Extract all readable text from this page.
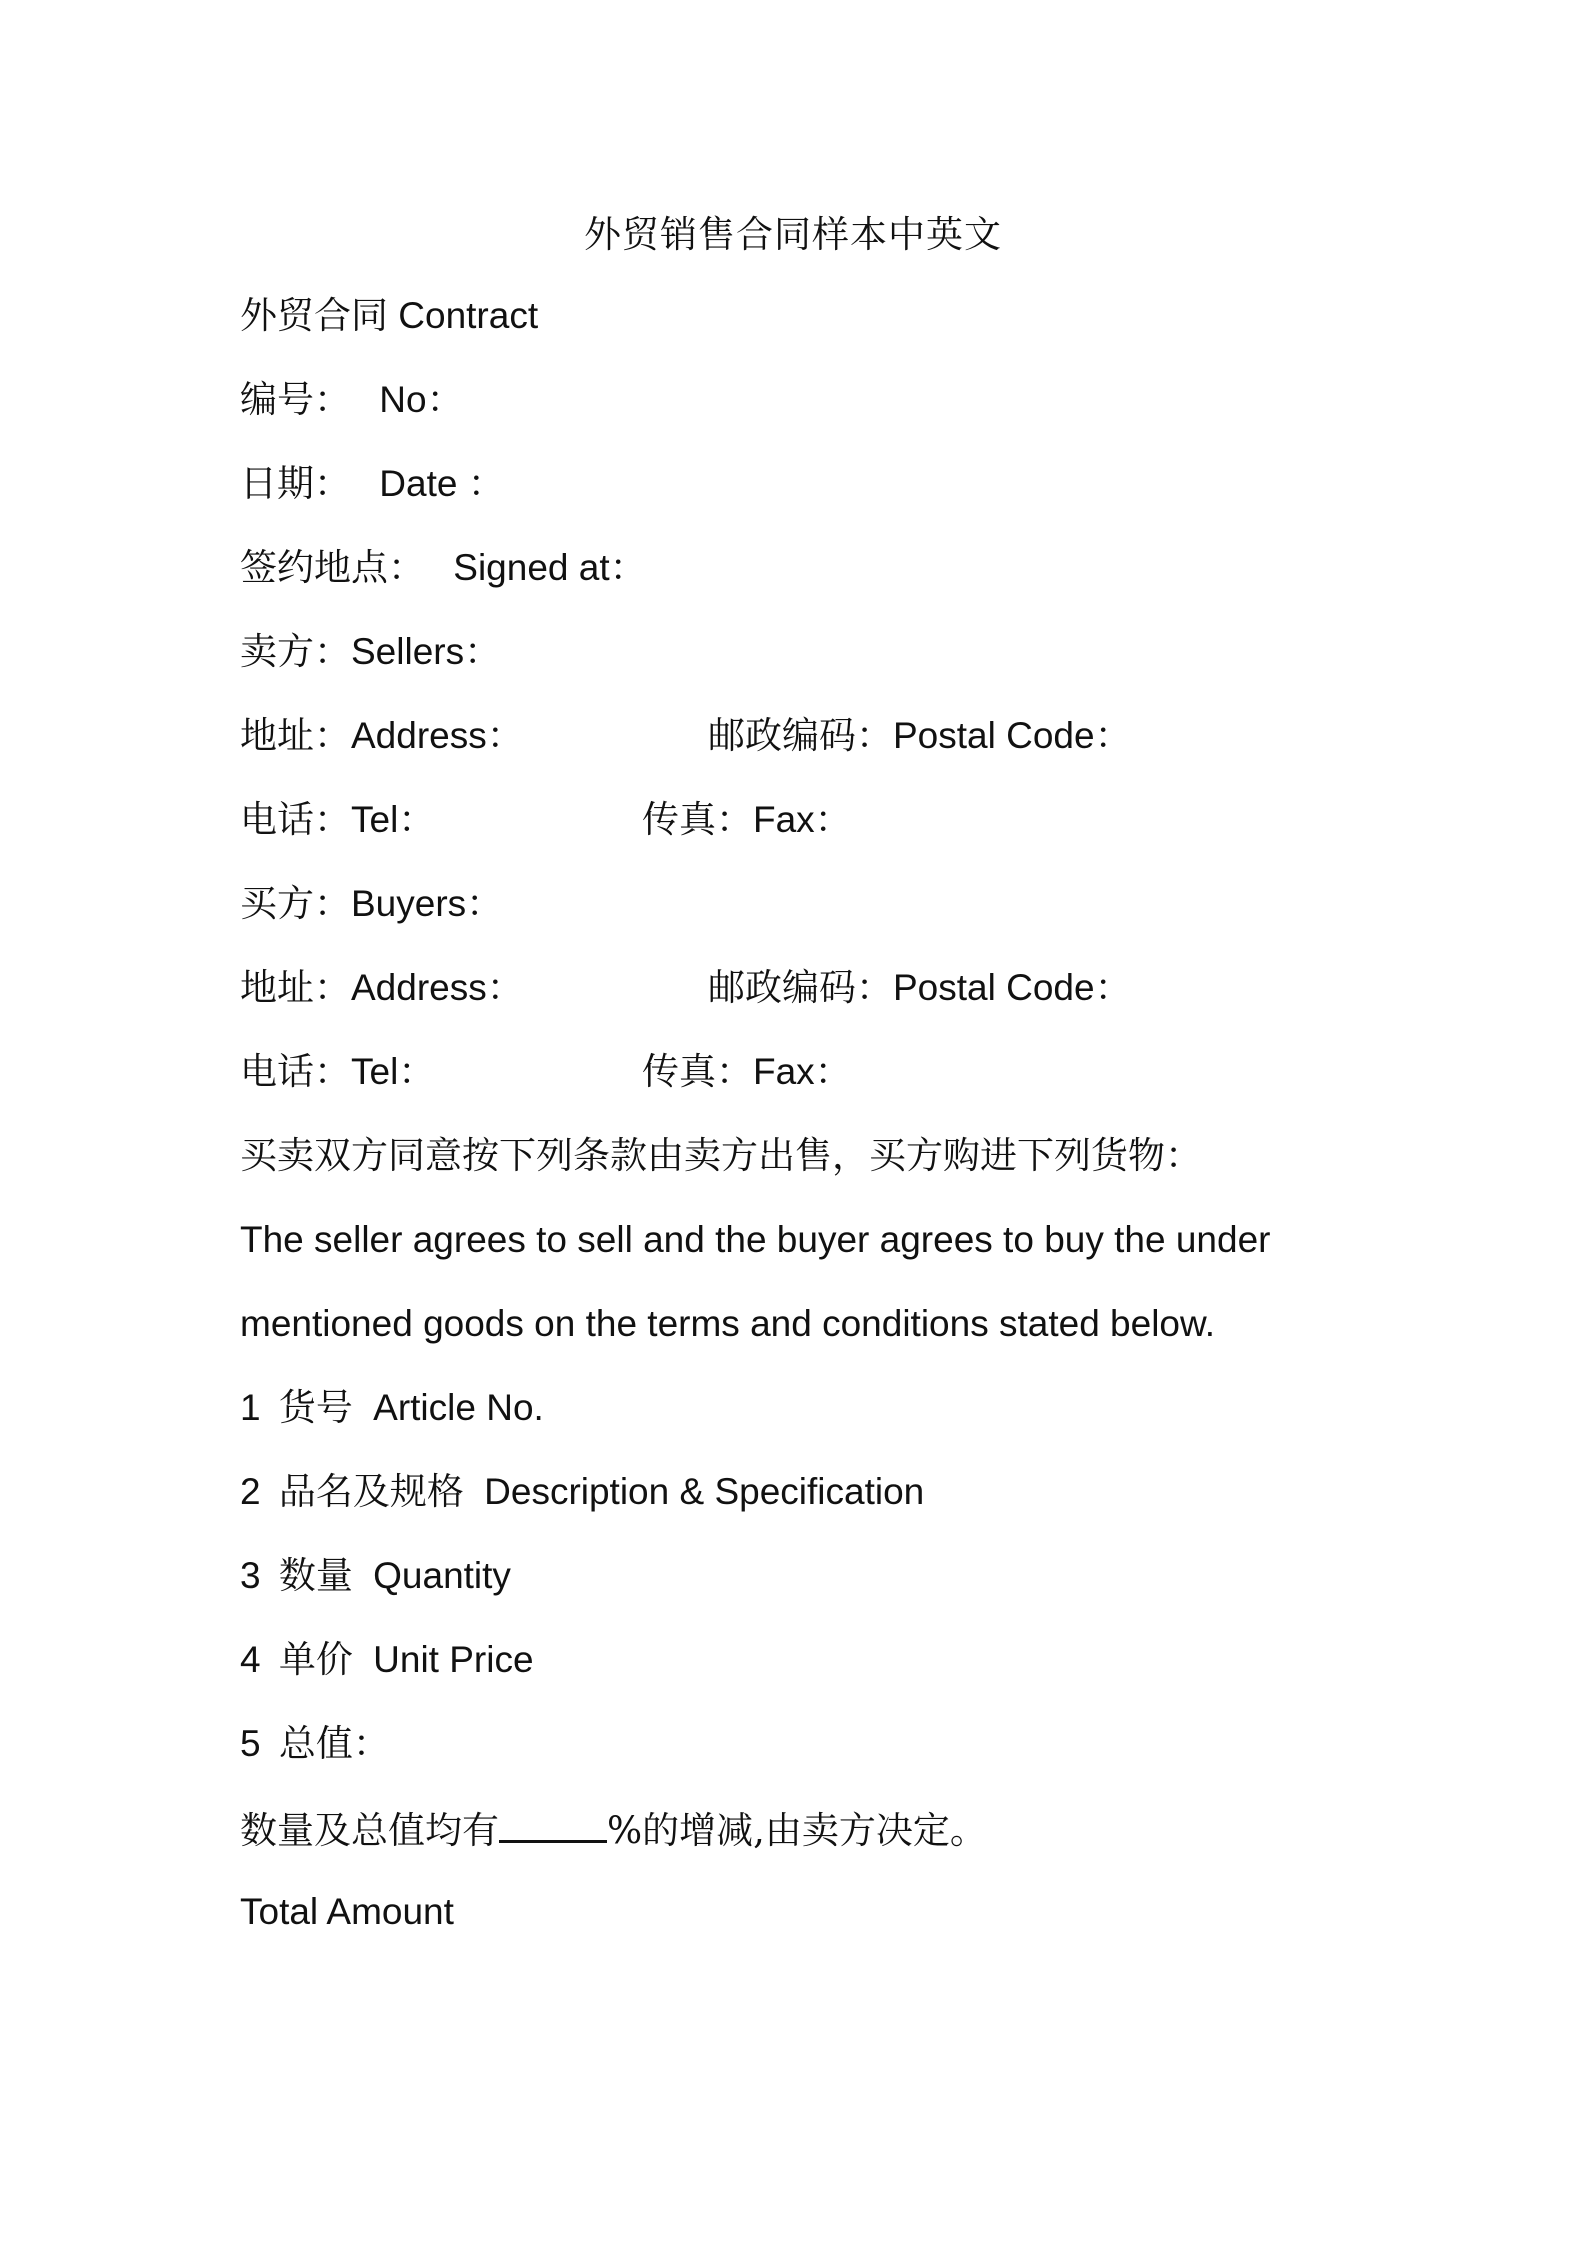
外贸销售合同样本中英文
外贸合同 Contract
编号： No：
日期： Date ：
签约地点： Signed at：
卖方：Sellers：
地址：Address：	邮政编码：Postal Code：
电话：Tel：	传真：Fax：
买方：Buyers：
地址：Address：	邮政编码：Postal Code：
电话：Tel：	传真：Fax：
买卖双方同意按下列条款由卖方出售，买方购进下列货物：
The seller agrees to sell and the buyer agrees to buy the under
mentioned goods on the terms and conditions stated below.
1 货号 Article No.
2 品名及规格 Description & Specification
3 数量 Quantity
4 单价 Unit Price
5 总值：
数量及总值均有	%的增减,由卖方决定。
Total Amount
